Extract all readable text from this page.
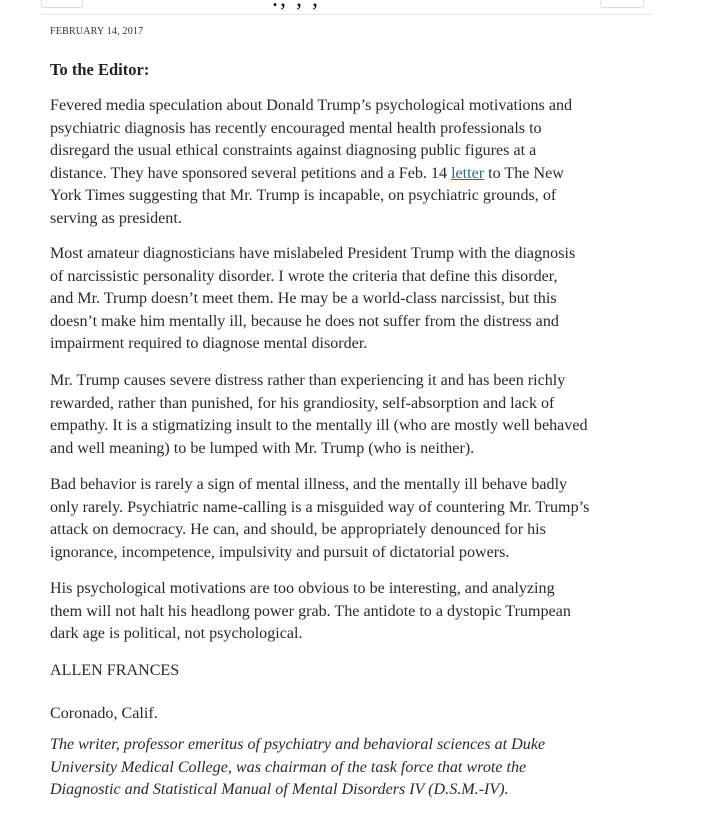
FEBRUARY 14, 2017
To the Editor:

Fevered media speculation about Donald Trump’s psychological motivations and
psychiatric diagnosis has recently encouraged mental health professionals to
disregard the usual ethical constraints against diagnosing public figures at a
distance. They have sponsored several petitions and a Feb. 14 letter to The New
York Times suggesting that Mr. Trump is incapable, on psychiatric grounds, of
serving as president.

Most amateur diagnosticians have mislabeled President Trump with the diagnosis
of narcissistic personality disorder. I wrote the criteria that define this disorder,
and Mr. Trump doesn’t meet them. He may be a world-class narcissist, but this
doesn’t make him mentally ill, because he does not suffer from the distress and
impairment required to diagnose mental disorder.

Mr. Trump causes severe distress rather than experiencing it and has been richly
rewarded, rather than punished, for his grandiosity, self-absorption and lack of
empathy. It is a stigmatizing insult to the mentally ill (who are mostly well behaved
and well meaning) to be lumped with Mr. Trump (who is neither).

Bad behavior is rarely a sign of mental illness, and the mentally ill behave badly
only rarely. Psychiatric name-calling is a misguided way of countering Mr. Trump’s
attack on democracy. He can, and should, be appropriately denounced for his
ignorance, incompetence, impulsivity and pursuit of dictatorial powers.

His psychological motivations are too obvious to be interesting, and analyzing
them will not halt his headlong power grab. The antidote to a dystopic Trumpean
dark age is political, not psychological.

ALLEN FRANCES

Coronado, Calif.

The writer, professor emeritus of psychiatry and behavioral sciences at Duke
University Medical College, was chairman of the task force that wrote the
Diagnostic and Statistical Manual of Mental Disorders IV (D.S.M.-IV).
